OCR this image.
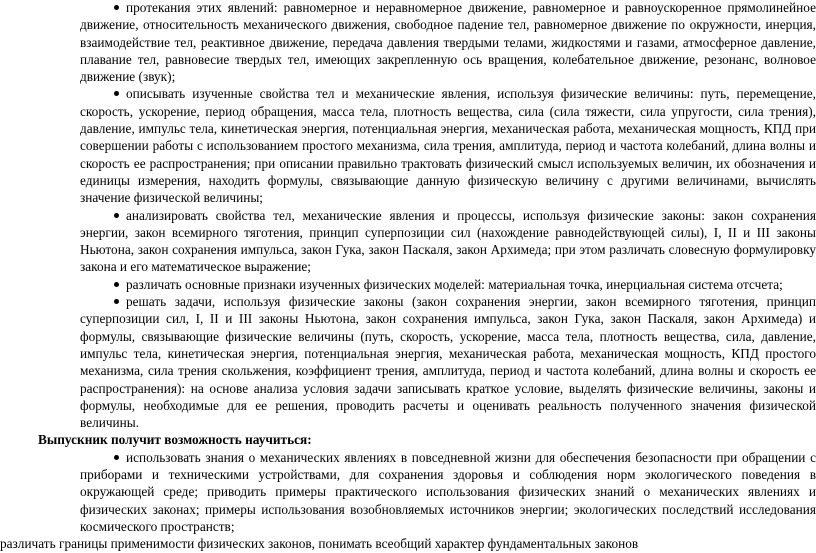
протекания этих явлений: равномерное и неравномерное движение, равномерное и равноускоренное прямолинейное движение, относительность механического движения, свободное падение тел, равномерное движение по окружности, инерция, взаимодействие тел, реактивное движение, передача давления твердыми телами, жидкостями и газами, атмосферное давление, плавание тел, равновесие твердых тел, имеющих закрепленную ось вращения, колебательное движение, резонанс, волновое движение (звук);
описывать изученные свойства тел и механические явления, используя физические величины: путь, перемещение, скорость, ускорение, период обращения, масса тела, плотность вещества, сила (сила тяжести, сила упругости, сила трения), давление, импульс тела, кинетическая энергия, потенциальная энергия, механическая работа, механическая мощность, КПД при совершении работы с использованием простого механизма, сила трения, амплитуда, период и частота колебаний, длина волны и скорость ее распространения; при описании правильно трактовать физический смысл используемых величин, их обозначения и единицы измерения, находить формулы, связывающие данную физическую величину с другими величинами, вычислять значение физической величины;
анализировать свойства тел, механические явления и процессы, используя физические законы: закон сохранения энергии, закон всемирного тяготения, принцип суперпозиции сил (нахождение равнодействующей силы), I, II и III законы Ньютона, закон сохранения импульса, закон Гука, закон Паскаля, закон Архимеда; при этом различать словесную формулировку закона и его математическое выражение;
различать основные признаки изученных физических моделей: материальная точка, инерциальная система отсчета;
решать задачи, используя физические законы (закон сохранения энергии, закон всемирного тяготения, принцип суперпозиции сил, I, II и III законы Ньютона, закон сохранения импульса, закон Гука, закон Паскаля, закон Архимеда) и формулы, связывающие физические величины (путь, скорость, ускорение, масса тела, плотность вещества, сила, давление, импульс тела, кинетическая энергия, потенциальная энергия, механическая работа, механическая мощность, КПД простого механизма, сила трения скольжения, коэффициент трения, амплитуда, период и частота колебаний, длина волны и скорость ее распространения): на основе анализа условия задачи записывать краткое условие, выделять физические величины, законы и формулы, необходимые для ее решения, проводить расчеты и оценивать реальность полученного значения физической величины.
Выпускник получит возможность научиться:
использовать знания о механических явлениях в повседневной жизни для обеспечения безопасности при обращении с приборами и техническими устройствами, для сохранения здоровья и соблюдения норм экологического поведения в окружающей среде; приводить примеры практического использования физических знаний о механических явлениях и физических законах; примеры использования возобновляемых источников энергии; экологических последствий исследования космического пространств;
различать границы применимости физических законов, понимать всеобщий характер фундаментальных законов
